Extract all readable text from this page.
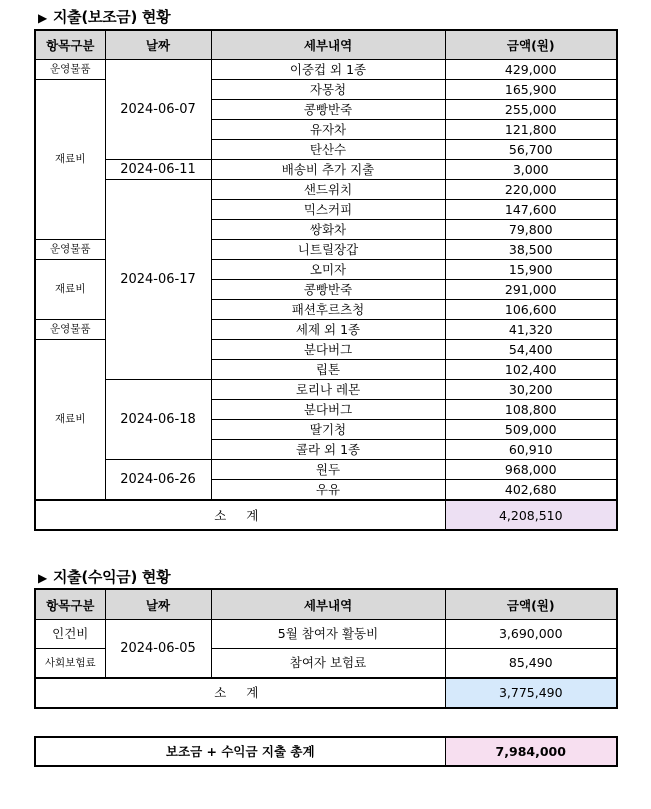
▶ 지출(보조금) 현황
항목구분	날짜	세부내역	금액(원)
운영물품	2024-06-07	이중컵 외 1종	429,000
재료비		자몽청	165,900
		콩빵반죽	255,000
		유자차	121,800
		탄산수	56,700
	2024-06-11	배송비 추가 지출	3,000
	2024-06-17	샌드위치	220,000
		믹스커피	147,600
		쌍화차	79,800
운영물품		니트릴장갑	38,500
재료비		오미자	15,900
		콩빵반죽	291,000
		패션후르츠청	106,600
운영물품		세제 외 1종	41,320
재료비		분다버그	54,400
		립톤	102,400
	2024-06-18	로리나 레몬	30,200
		분다버그	108,800
		딸기청	509,000
		콜라 외 1종	60,910
	2024-06-26	원두	968,000
		우유	402,680
소 계			4,208,510
▶ 지출(수익금) 현황
항목구분	날짜	세부내역	금액(원)
인건비	2024-06-05	5월 참여자 활동비	3,690,000
사회보험료		참여자 보험료	85,490
소 계			3,775,490
보조금 + 수익금 지출 총계	7,984,000
